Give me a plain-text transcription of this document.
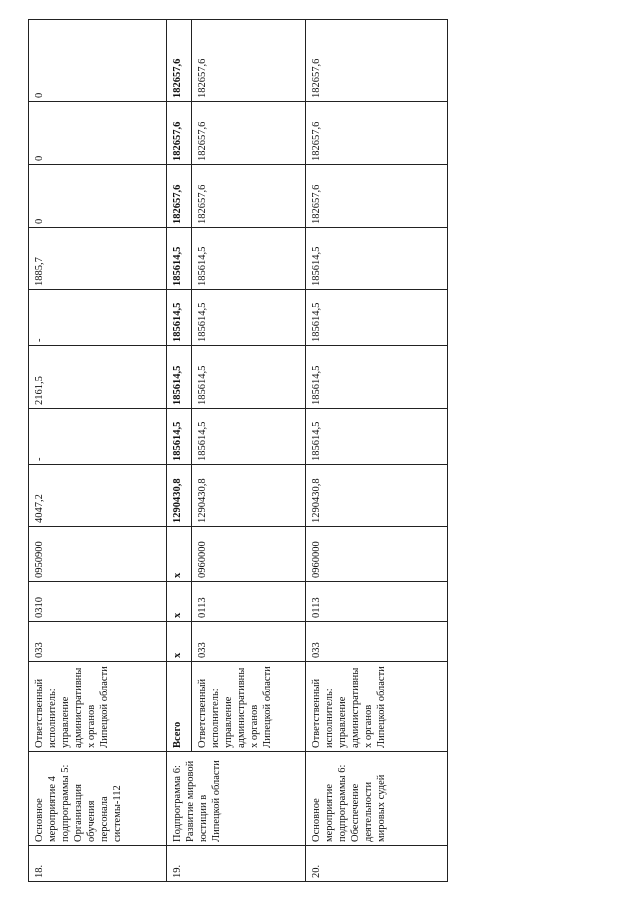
18.	Основное мероприятие 4 подпрограммы 5: Организация обучения персонала системы-112	Ответственный исполнитель: управление административных органов Липецкой области	033	0310	0950900	4047,2	-	2161,5	-	1885,7	0	0	0
19.	Подпрограмма 6: Развитие мировой юстиции в Липецкой области	Всего	х	х	х	1290430,8	185614,5	185614,5	185614,5	185614,5	182657,6	182657,6	182657,6
		Ответственный исполнитель: управление административных органов Липецкой области	033	0113	0960000	1290430,8	185614,5	185614,5	185614,5	185614,5	182657,6	182657,6	182657,6
20.	Основное мероприятие подпрограммы 6: Обеспечение деятельности мировых судей	Ответственный исполнитель: управление административных органов Липецкой области	033	0113	0960000	1290430,8	185614,5	185614,5	185614,5	185614,5	182657,6	182657,6	182657,6
